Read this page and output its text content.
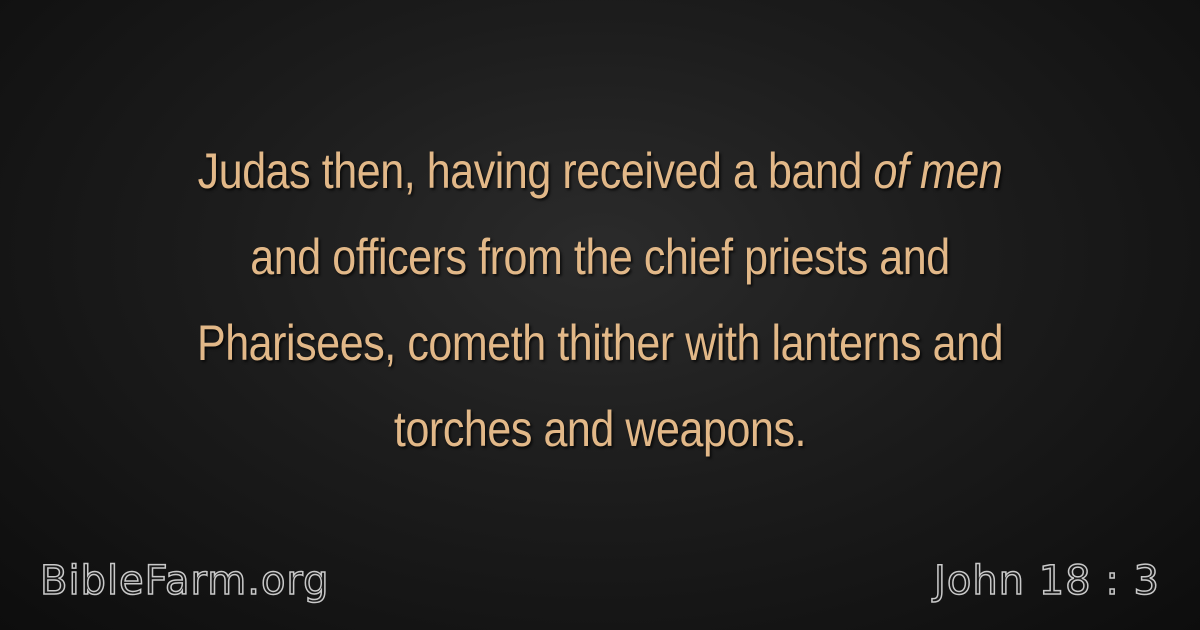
Judas then, having received a band of men
and officers from the chief priests and
Pharisees, cometh thither with lanterns and
torches and weapons.
BibleFarm.org	John 18 : 3
